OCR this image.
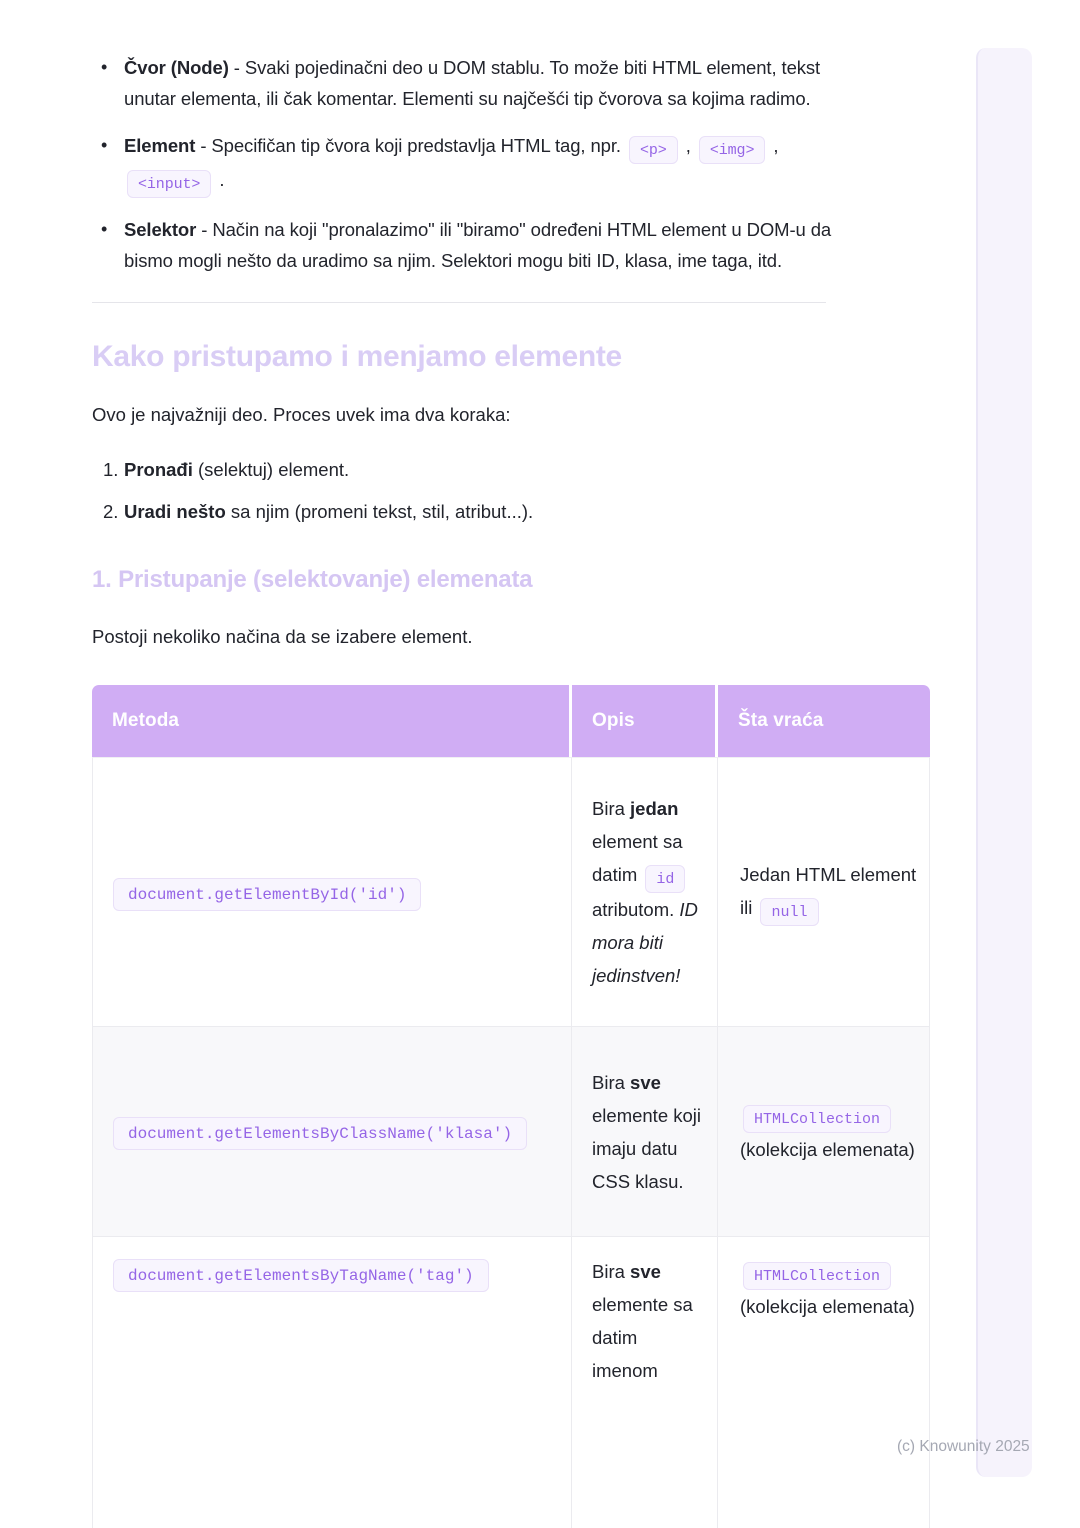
• Čvor (Node) - Svaki pojedinačni deo u DOM stablu. To može biti HTML element, tekst unutar elementa, ili čak komentar. Elementi su najčešći tip čvorova sa kojima radimo.
• Element - Specifičan tip čvora koji predstavlja HTML tag, npr. <p> , <img> , <input> .
• Selektor - Način na koji "pronalazimo" ili "biramo" određeni HTML element u DOM-u da bismo mogli nešto da uradimo sa njim. Selektori mogu biti ID, klasa, ime taga, itd.
Kako pristupamo i menjamo elemente

Ovo je najvažniji deo. Proces uvek ima dva koraka:

1. Pronađi (selektuj) element.
2. Uradi nešto sa njim (promeni tekst, stil, atribut...).
1. Pristupanje (selektovanje) elemenata

Postoji nekoliko načina da se izabere element.

Metoda	Opis	Šta vraća
document.getElementById('id')	Bira jedan element sa datim id atributom. ID mora biti jedinstven!	Jedan HTML element ili null
document.getElementsByClassName('klasa')	Bira sve elemente koji imaju datu CSS klasu.	HTMLCollection (kolekcija elemenata)
document.getElementsByTagName('tag')	Bira sve elemente sa datim imenom	HTMLCollection (kolekcija elemenata)
(c) Knowunity 2025
